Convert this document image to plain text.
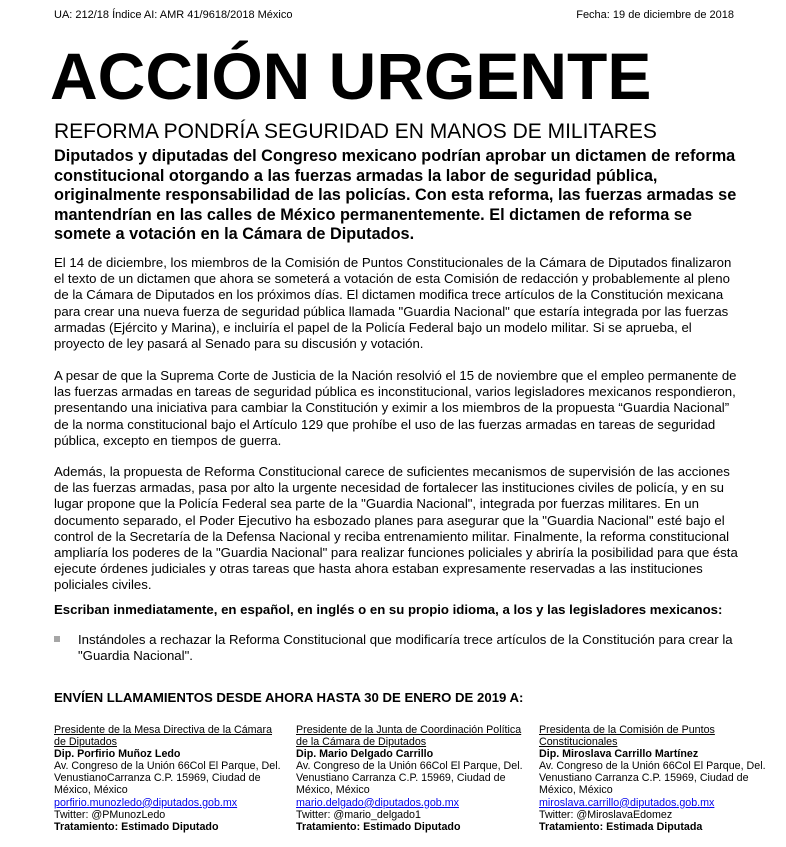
UA: 212/18 Índice AI: AMR 41/9618/2018 México	Fecha: 19 de diciembre de 2018
ACCIÓN URGENTE
REFORMA PONDRÍA SEGURIDAD EN MANOS DE MILITARES
Diputados y diputadas del Congreso mexicano podrían aprobar un dictamen de reforma constitucional otorgando a las fuerzas armadas la labor de seguridad pública, originalmente responsabilidad de las policías. Con esta reforma, las fuerzas armadas se mantendrían en las calles de México permanentemente. El dictamen de reforma se somete a votación en la Cámara de Diputados.
El 14 de diciembre, los miembros de la Comisión de Puntos Constitucionales de la Cámara de Diputados finalizaron el texto de un dictamen que ahora se someterá a votación de esta Comisión de redacción y probablemente al pleno de la Cámara de Diputados en los próximos días. El dictamen modifica trece artículos de la Constitución mexicana para crear una nueva fuerza de seguridad pública llamada "Guardia Nacional" que estaría integrada por las fuerzas armadas (Ejército y Marina), e incluiría el papel de la Policía Federal bajo un modelo militar. Si se aprueba, el proyecto de ley pasará al Senado para su discusión y votación.
A pesar de que la Suprema Corte de Justicia de la Nación resolvió el 15 de noviembre que el empleo permanente de las fuerzas armadas en tareas de seguridad pública es inconstitucional, varios legisladores mexicanos respondieron, presentando una iniciativa para cambiar la Constitución y eximir a los miembros de la propuesta “Guardia Nacional” de la norma constitucional bajo el Artículo 129 que prohíbe el uso de las fuerzas armadas en tareas de seguridad pública, excepto en tiempos de guerra.
Además, la propuesta de Reforma Constitucional carece de suficientes mecanismos de supervisión de las acciones de las fuerzas armadas, pasa por alto la urgente necesidad de fortalecer las instituciones civiles de policía, y en su lugar propone que la Policía Federal sea parte de la "Guardia Nacional", integrada por fuerzas militares. En un documento separado, el Poder Ejecutivo ha esbozado planes para asegurar que la "Guardia Nacional" esté bajo el control de la Secretaría de la Defensa Nacional y reciba entrenamiento militar. Finalmente, la reforma constitucional ampliaría los poderes de la "Guardia Nacional" para realizar funciones policiales y abriría la posibilidad para que ésta ejecute órdenes judiciales y otras tareas que hasta ahora estaban expresamente reservadas a las instituciones policiales civiles.
Escriban inmediatamente, en español, en inglés o en su propio idioma, a los y las legisladores mexicanos:
Instándoles a rechazar la Reforma Constitucional que modificaría trece artículos de la Constitución para crear la "Guardia Nacional".
ENVÍEN LLAMAMIENTOS DESDE AHORA HASTA 30 DE ENERO DE 2019 A:
Presidente de la Mesa Directiva de la Cámara de Diputados
Dip. Porfirio Muñoz Ledo
Av. Congreso de la Unión 66Col El Parque, Del. VenustianoCarranza C.P. 15969, Ciudad de México, México
porfirio.munozledo@diputados.gob.mx
Twitter: @PMunozLedo
Tratamiento: Estimado Diputado
Presidente de la Junta de Coordinación Política de la Cámara de Diputados
Dip. Mario Delgado Carrillo
Av. Congreso de la Unión 66Col El Parque, Del. Venustiano Carranza C.P. 15969, Ciudad de México, México
mario.delgado@diputados.gob.mx
Twitter: @mario_delgado1
Tratamiento: Estimado Diputado
Presidenta de la Comisión de Puntos Constitucionales
Dip. Miroslava Carrillo Martínez
Av. Congreso de la Unión 66Col El Parque, Del. Venustiano Carranza C.P. 15969, Ciudad de México, México
miroslava.carrillo@diputados.gob.mx
Twitter: @MiroslavaEdomez
Tratamiento: Estimada Diputada
